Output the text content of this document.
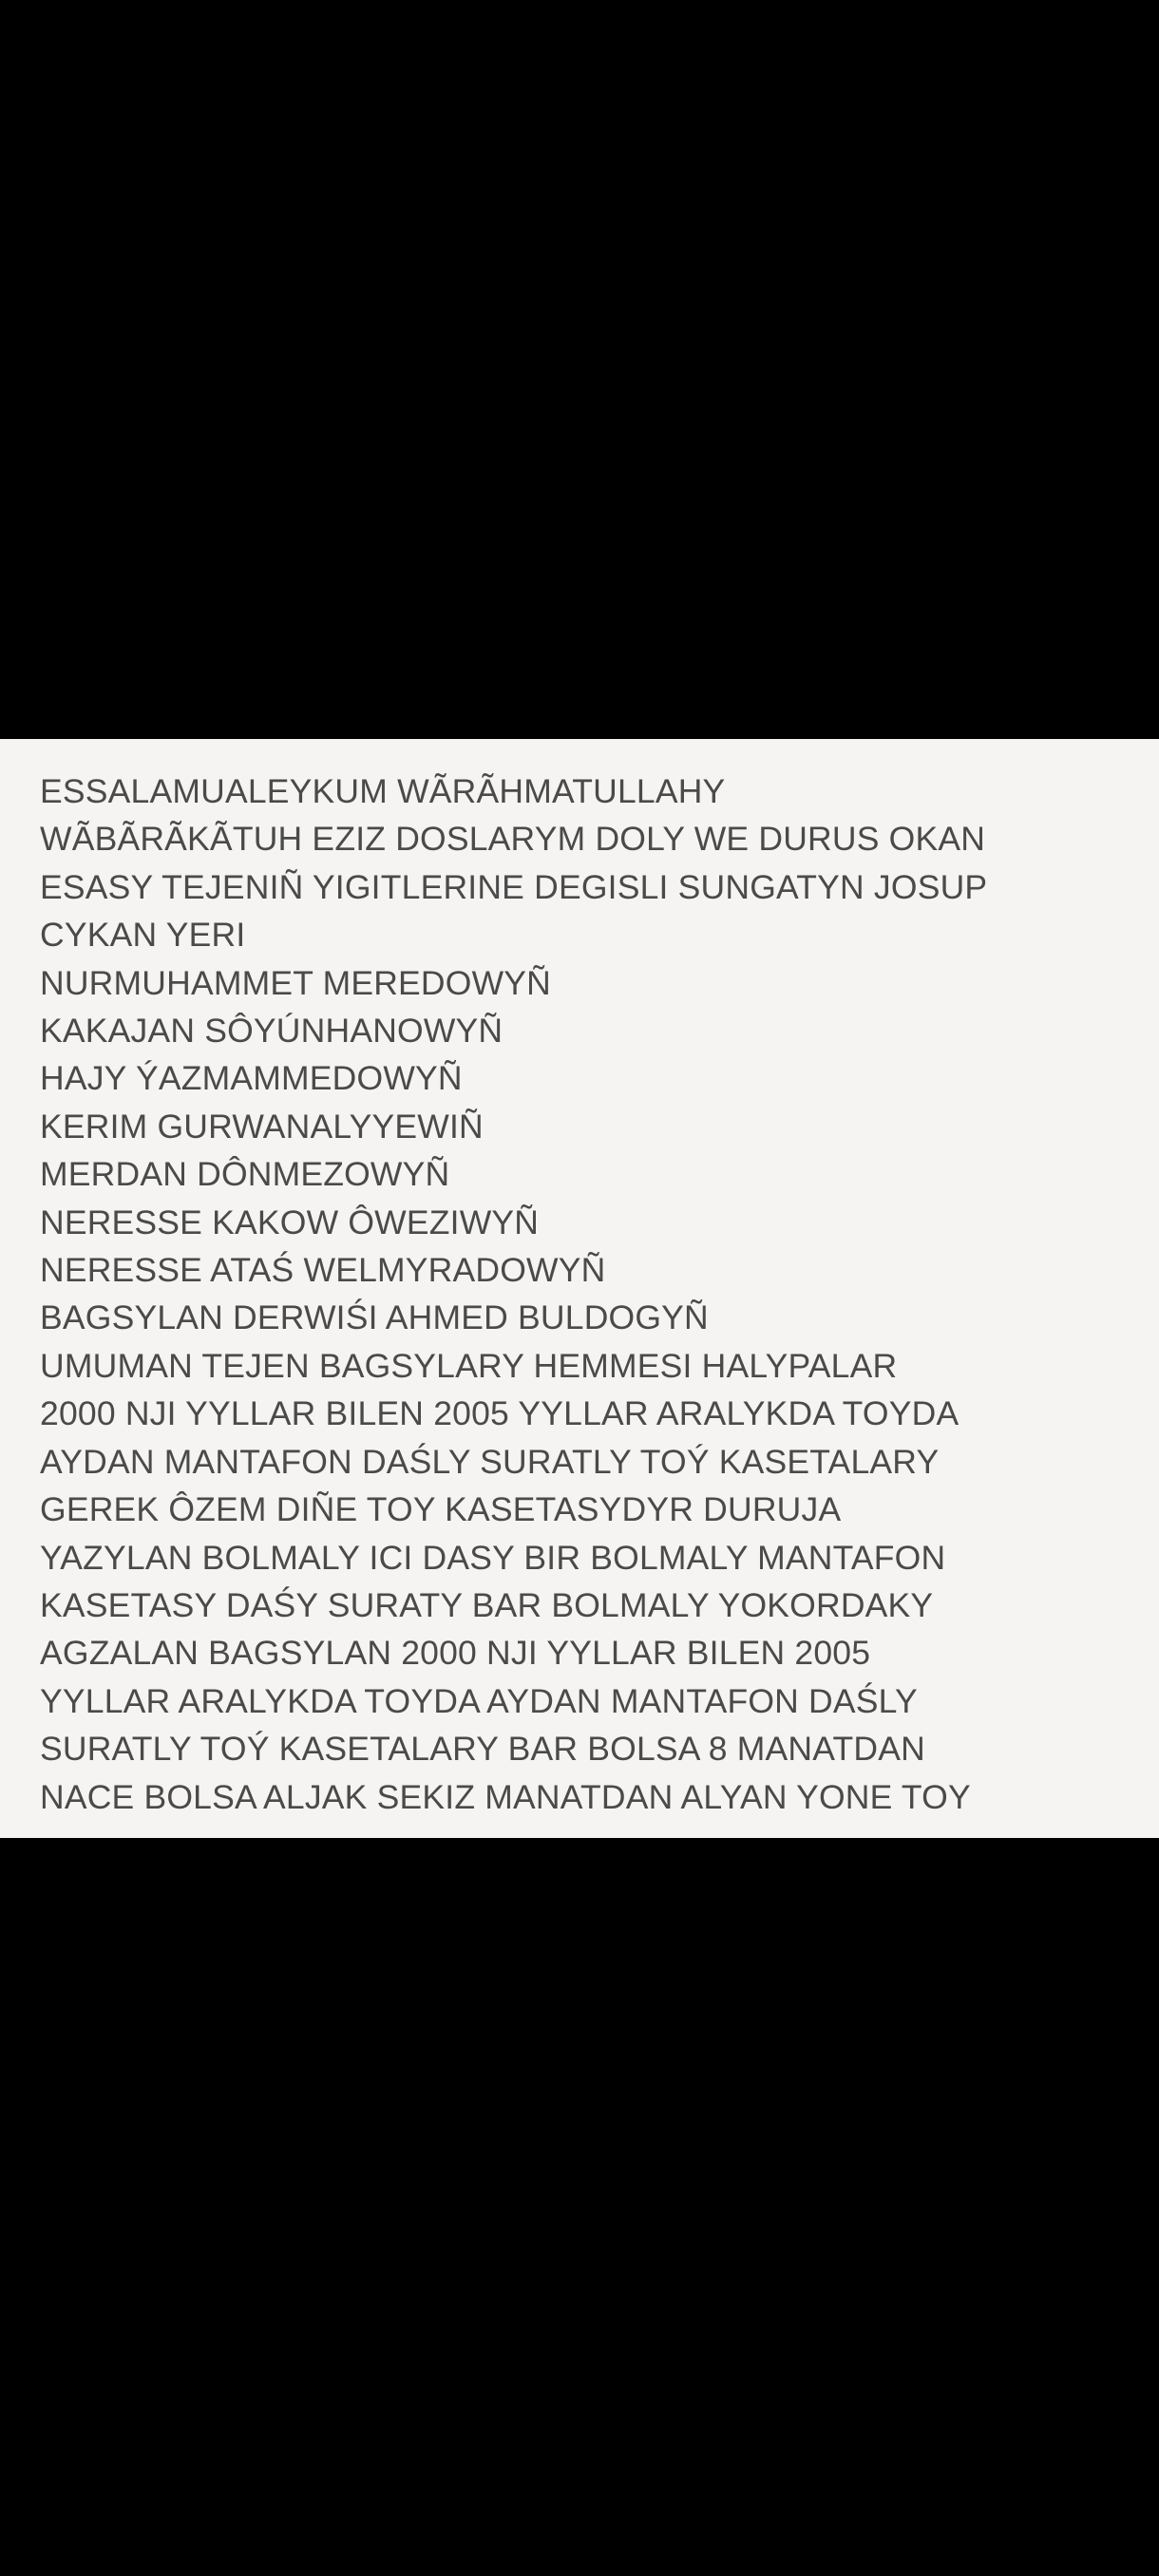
ESSALAMUALEYKUM WÃRÃHMATULLAHY
WÃBÃRÃKÃTUH EZIZ DOSLARYM DOLY WE DURUS OKAN
ESASY TEJENIÑ YIGITLERINE DEGISLI SUNGATYN JOSUP
CYKAN YERI
NURMUHAMMET MEREDOWYÑ
KAKAJAN SÔYÚNHANOWYÑ
HAJY ÝAZMAMMEDOWYÑ
KERIM GURWANALYYEWIÑ
MERDAN DÔNMEZOWYÑ
NERESSE KAKOW ÔWEZIWYÑ
NERESSE ATAŚ WELMYRADOWYÑ
BAGSYLAN DERWIŚI AHMED BULDOGYÑ
UMUMAN TEJEN BAGSYLARY HEMMESI HALYPALAR
2000 NJI YYLLAR BILEN 2005 YYLLAR ARALYKDA TOYDA
AYDAN MANTAFON DAŚLY SURATLY TOÝ KASETALARY
GEREK ÔZEM DIÑE TOY KASETASYDYR DURUJA
YAZYLAN BOLMALY ICI DASY BIR BOLMALY MANTAFON
KASETASY DAŚY SURATY BAR BOLMALY YOKORDAKY
AGZALAN BAGSYLAN 2000 NJI YYLLAR BILEN 2005
YYLLAR ARALYKDA TOYDA AYDAN MANTAFON DAŚLY
SURATLY TOÝ KASETALARY BAR BOLSA 8 MANATDAN
NACE BOLSA ALJAK SEKIZ MANATDAN ALYAN YONE TOY
